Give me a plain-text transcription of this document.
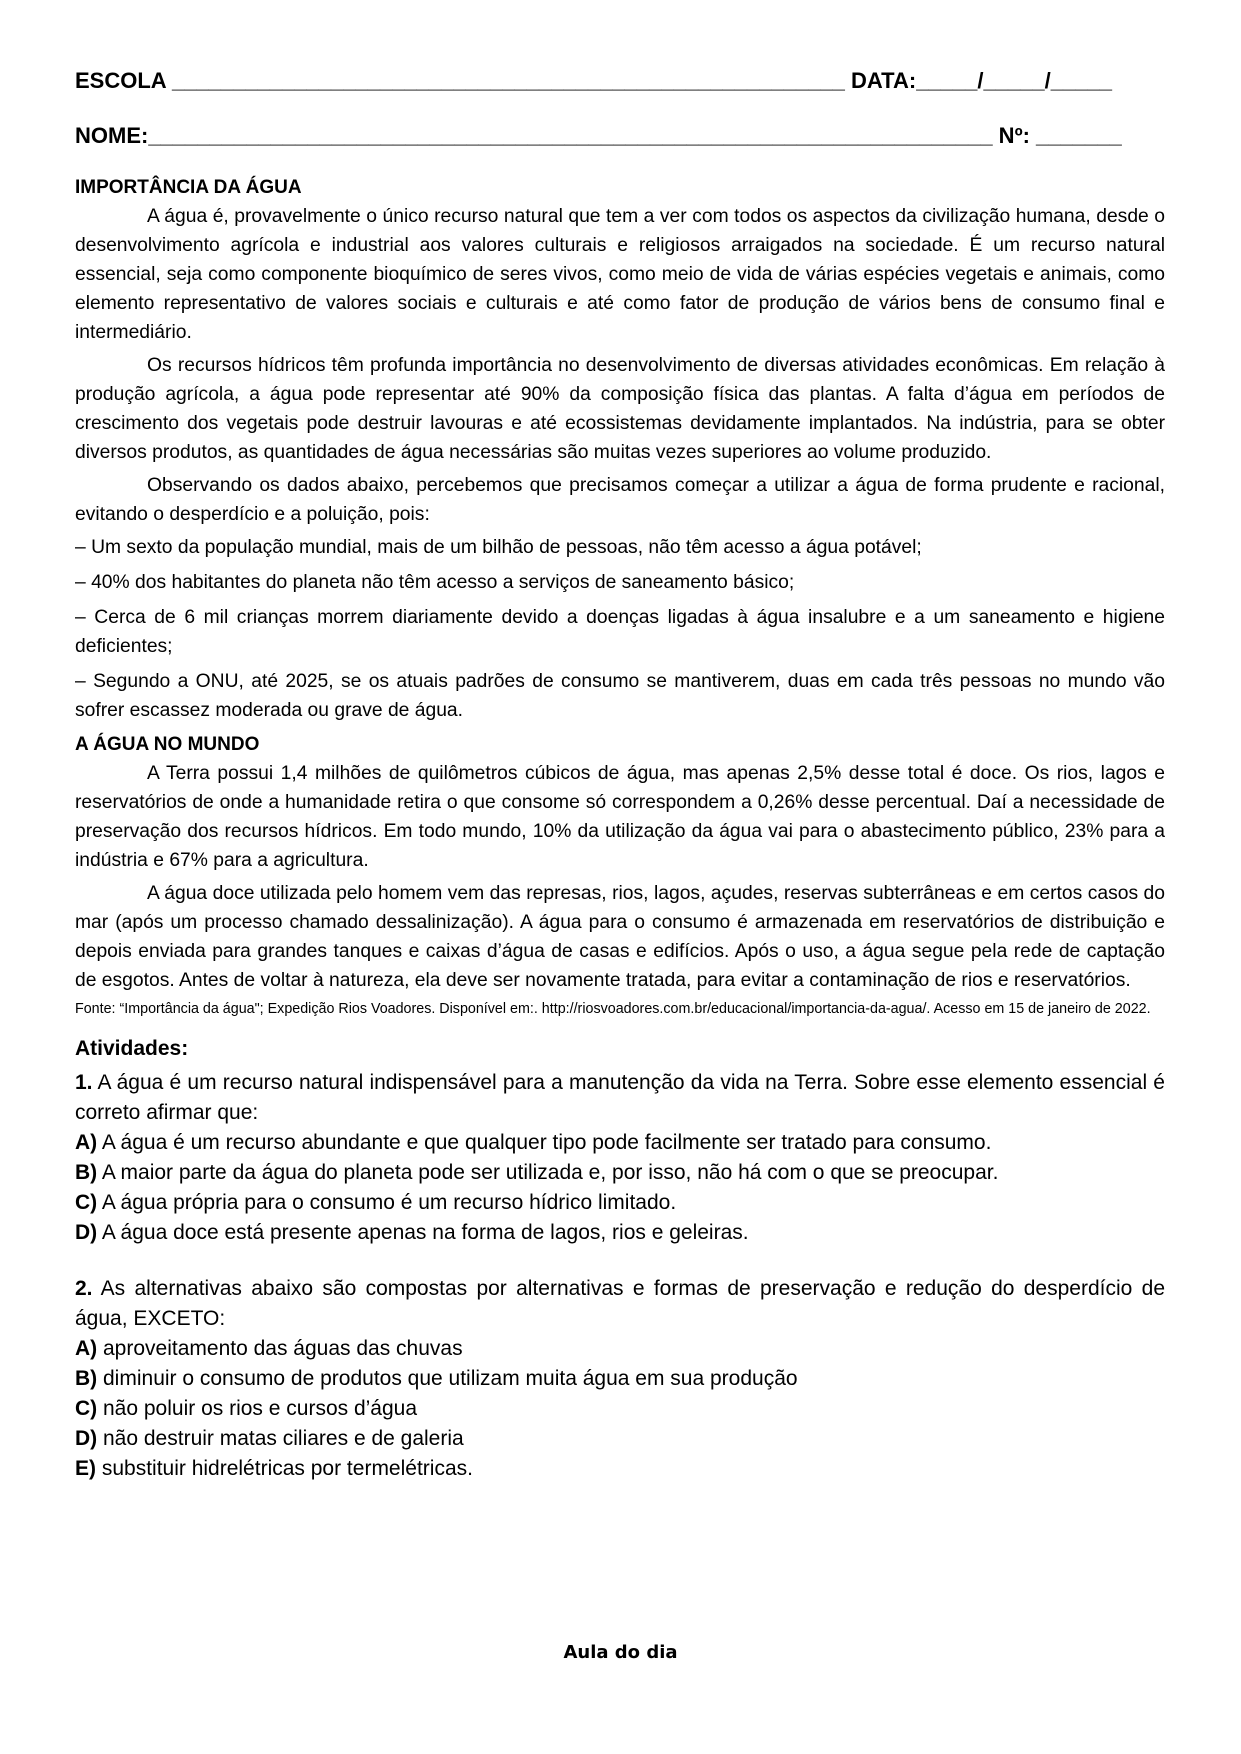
ESCOLA _______________________________________________________ DATA:_____/_____/_____
NOME:_____________________________________________________________________ Nº: _______

IMPORTÂNCIA DA ÁGUA

A água é, provavelmente o único recurso natural que tem a ver com todos os aspectos da civilização humana, desde o desenvolvimento agrícola e industrial aos valores culturais e religiosos arraigados na sociedade. É um recurso natural essencial, seja como componente bioquímico de seres vivos, como meio de vida de várias espécies vegetais e animais, como elemento representativo de valores sociais e culturais e até como fator de produção de vários bens de consumo final e intermediário.

Os recursos hídricos têm profunda importância no desenvolvimento de diversas atividades econômicas. Em relação à produção agrícola, a água pode representar até 90% da composição física das plantas. A falta d’água em períodos de crescimento dos vegetais pode destruir lavouras e até ecossistemas devidamente implantados. Na indústria, para se obter diversos produtos, as quantidades de água necessárias são muitas vezes superiores ao volume produzido.

Observando os dados abaixo, percebemos que precisamos começar a utilizar a água de forma prudente e racional, evitando o desperdício e a poluição, pois:

– Um sexto da população mundial, mais de um bilhão de pessoas, não têm acesso a água potável;

– 40% dos habitantes do planeta não têm acesso a serviços de saneamento básico;

– Cerca de 6 mil crianças morrem diariamente devido a doenças ligadas à água insalubre e a um saneamento e higiene deficientes;

– Segundo a ONU, até 2025, se os atuais padrões de consumo se mantiverem, duas em cada três pessoas no mundo vão sofrer escassez moderada ou grave de água.

A ÁGUA NO MUNDO

A Terra possui 1,4 milhões de quilômetros cúbicos de água, mas apenas 2,5% desse total é doce. Os rios, lagos e reservatórios de onde a humanidade retira o que consome só correspondem a 0,26% desse percentual. Daí a necessidade de preservação dos recursos hídricos. Em todo mundo, 10% da utilização da água vai para o abastecimento público, 23% para a indústria e 67% para a agricultura.

A água doce utilizada pelo homem vem das represas, rios, lagos, açudes, reservas subterrâneas e em certos casos do mar (após um processo chamado dessalinização). A água para o consumo é armazenada em reservatórios de distribuição e depois enviada para grandes tanques e caixas d’água de casas e edifícios. Após o uso, a água segue pela rede de captação de esgotos. Antes de voltar à natureza, ela deve ser novamente tratada, para evitar a contaminação de rios e reservatórios.

Fonte: “Importância da água"; Expedição Rios Voadores. Disponível em:. http://riosvoadores.com.br/educacional/importancia-da-agua/. Acesso em 15 de janeiro de 2022.

Atividades:

1. A água é um recurso natural indispensável para a manutenção da vida na Terra. Sobre esse elemento essencial é correto afirmar que:

A) A água é um recurso abundante e que qualquer tipo pode facilmente ser tratado para consumo.

B) A maior parte da água do planeta pode ser utilizada e, por isso, não há com o que se preocupar.

C) A água própria para o consumo é um recurso hídrico limitado.

D) A água doce está presente apenas na forma de lagos, rios e geleiras.

2. As alternativas abaixo são compostas por alternativas e formas de preservação e redução do desperdício de água, EXCETO:

A) aproveitamento das águas das chuvas

B) diminuir o consumo de produtos que utilizam muita água em sua produção

C) não poluir os rios e cursos d’água

D) não destruir matas ciliares e de galeria

E) substituir hidrelétricas por termelétricas.

Aula do dia
